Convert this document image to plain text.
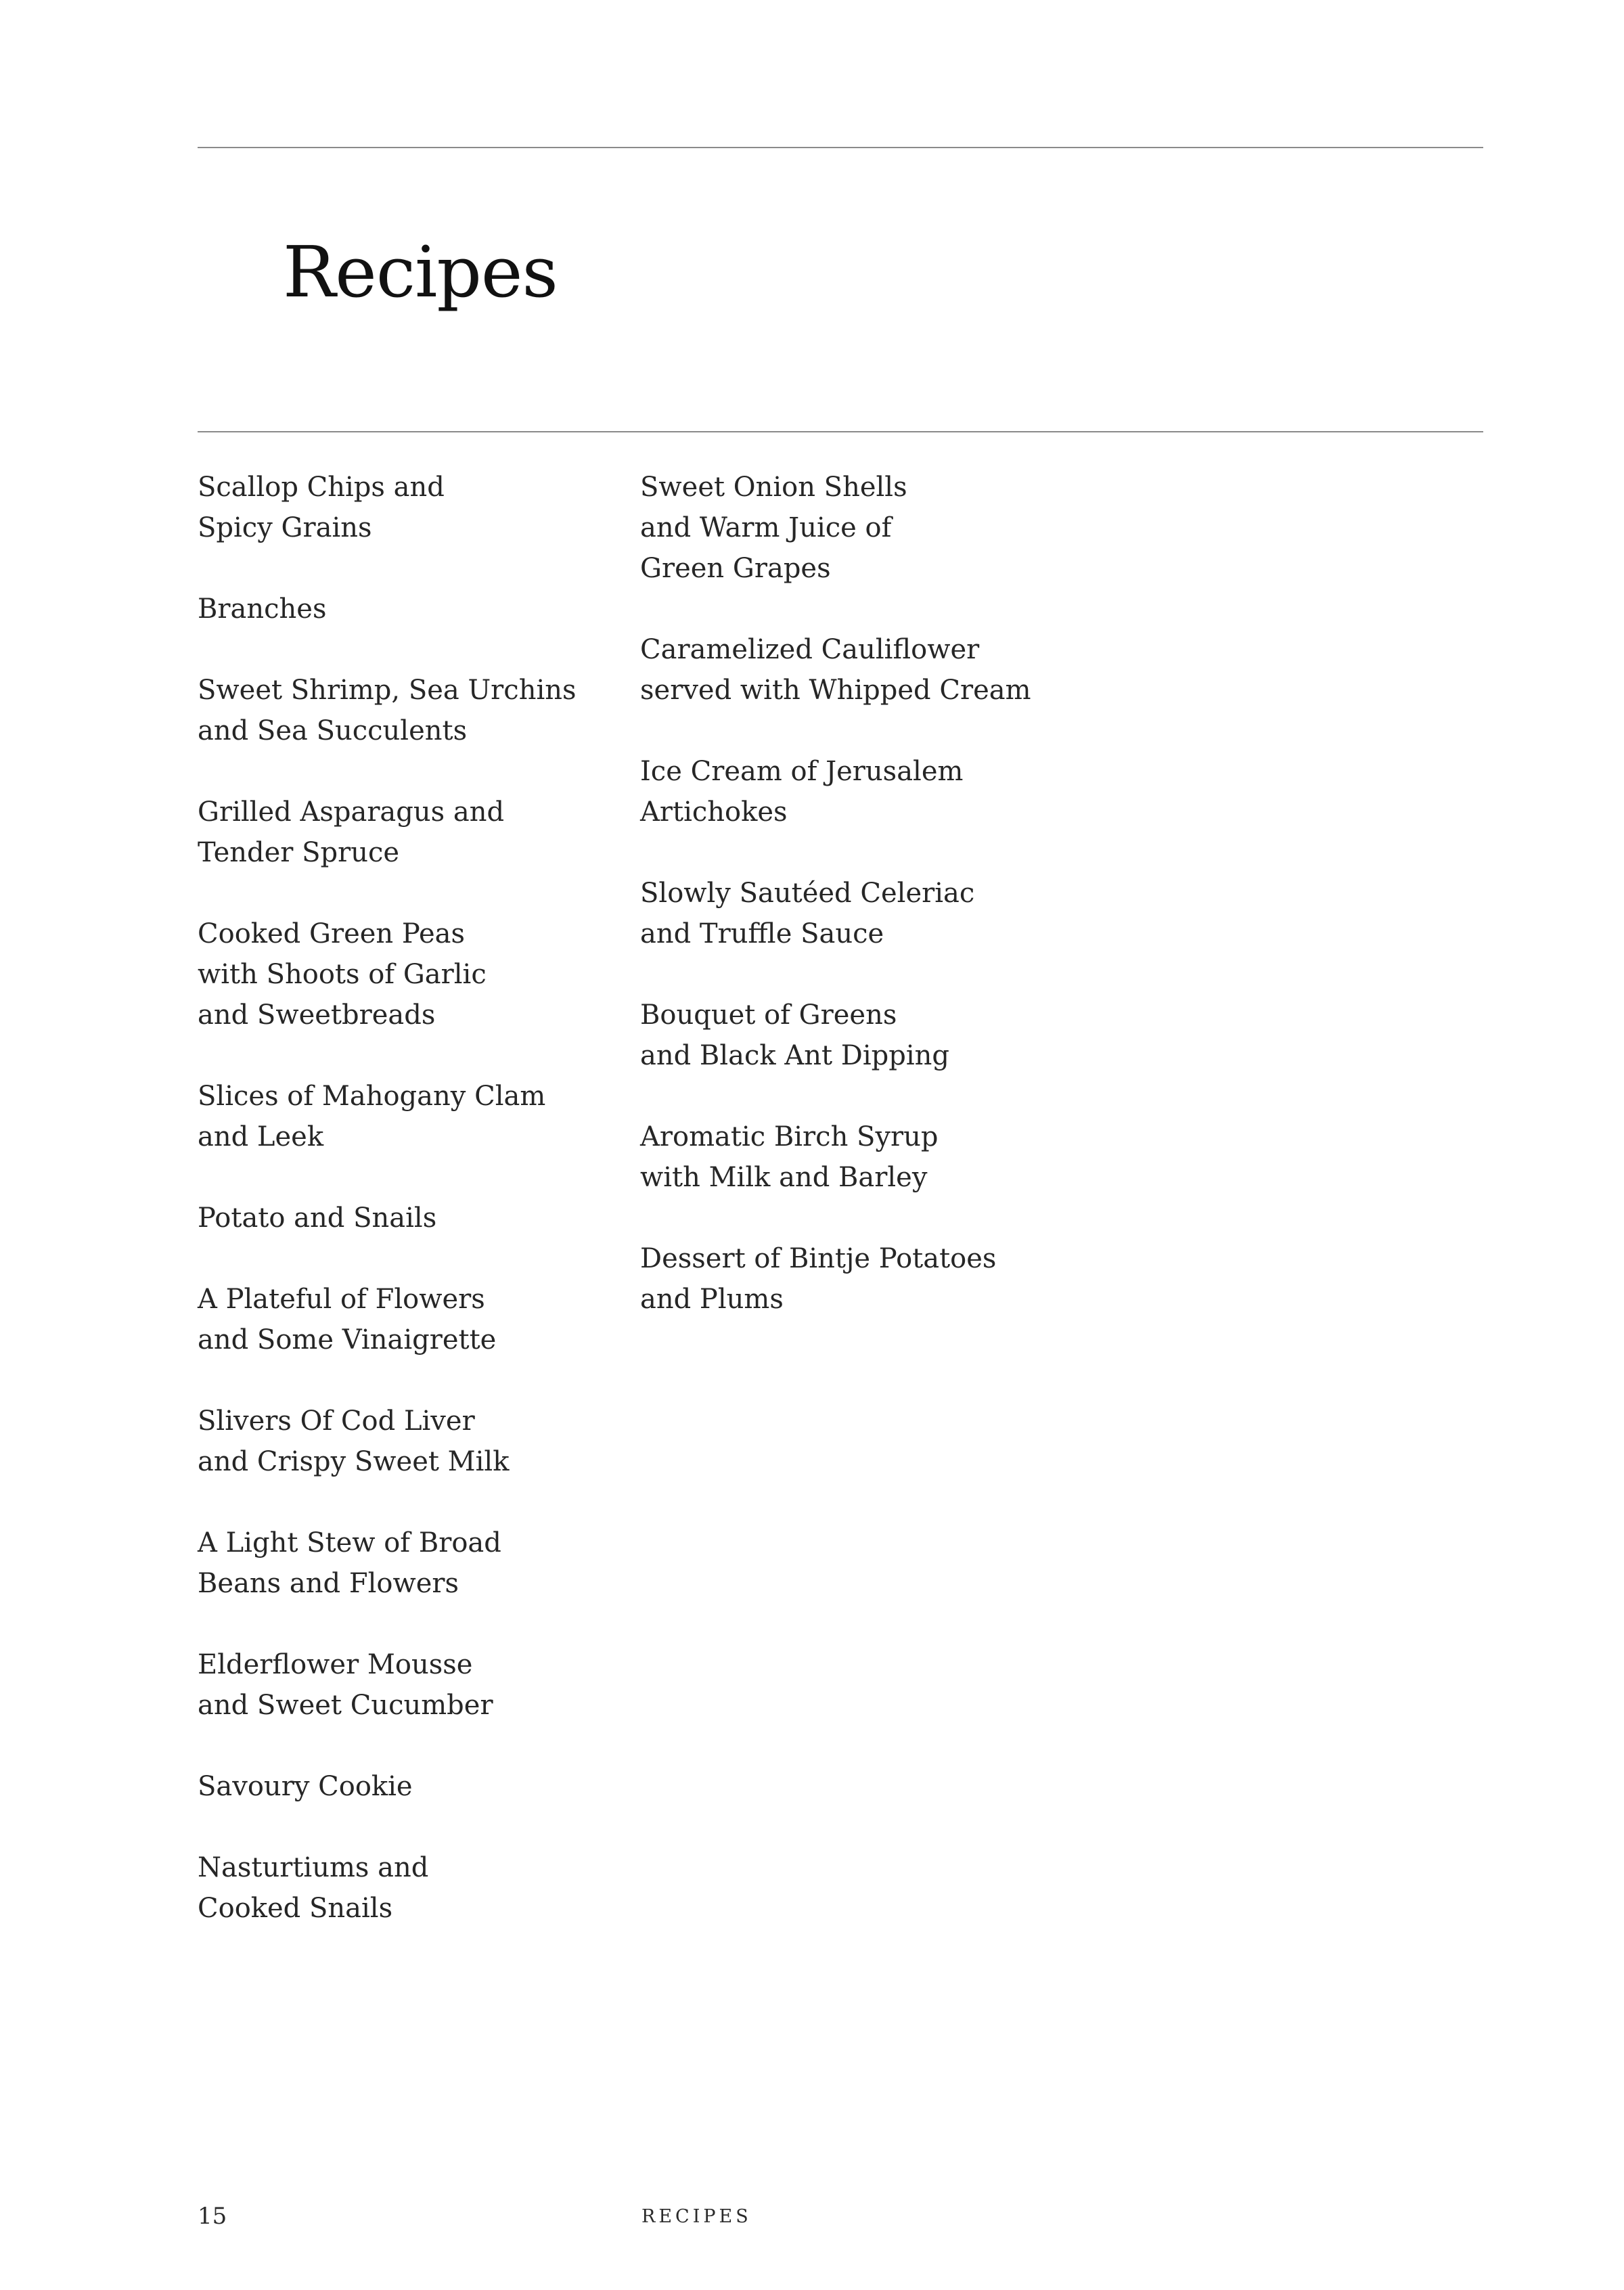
Recipes
Scallop Chips and
Spicy Grains
Branches
Sweet Shrimp, Sea Urchins
and Sea Succulents
Grilled Asparagus and
Tender Spruce
Cooked Green Peas
with Shoots of Garlic
and Sweetbreads
Slices of Mahogany Clam
and Leek
Potato and Snails
A Plateful of Flowers
and Some Vinaigrette
Slivers Of Cod Liver
and Crispy Sweet Milk
A Light Stew of Broad
Beans and Flowers
Elderflower Mousse
and Sweet Cucumber
Savoury Cookie
Nasturtiums and
Cooked Snails
Sweet Onion Shells
and Warm Juice of
Green Grapes
Caramelized Cauliflower
served with Whipped Cream
Ice Cream of Jerusalem
Artichokes
Slowly Sautéed Celeriac
and Truffle Sauce
Bouquet of Greens
and Black Ant Dipping
Aromatic Birch Syrup
with Milk and Barley
Dessert of Bintje Potatoes
and Plums
15	RECIPES
